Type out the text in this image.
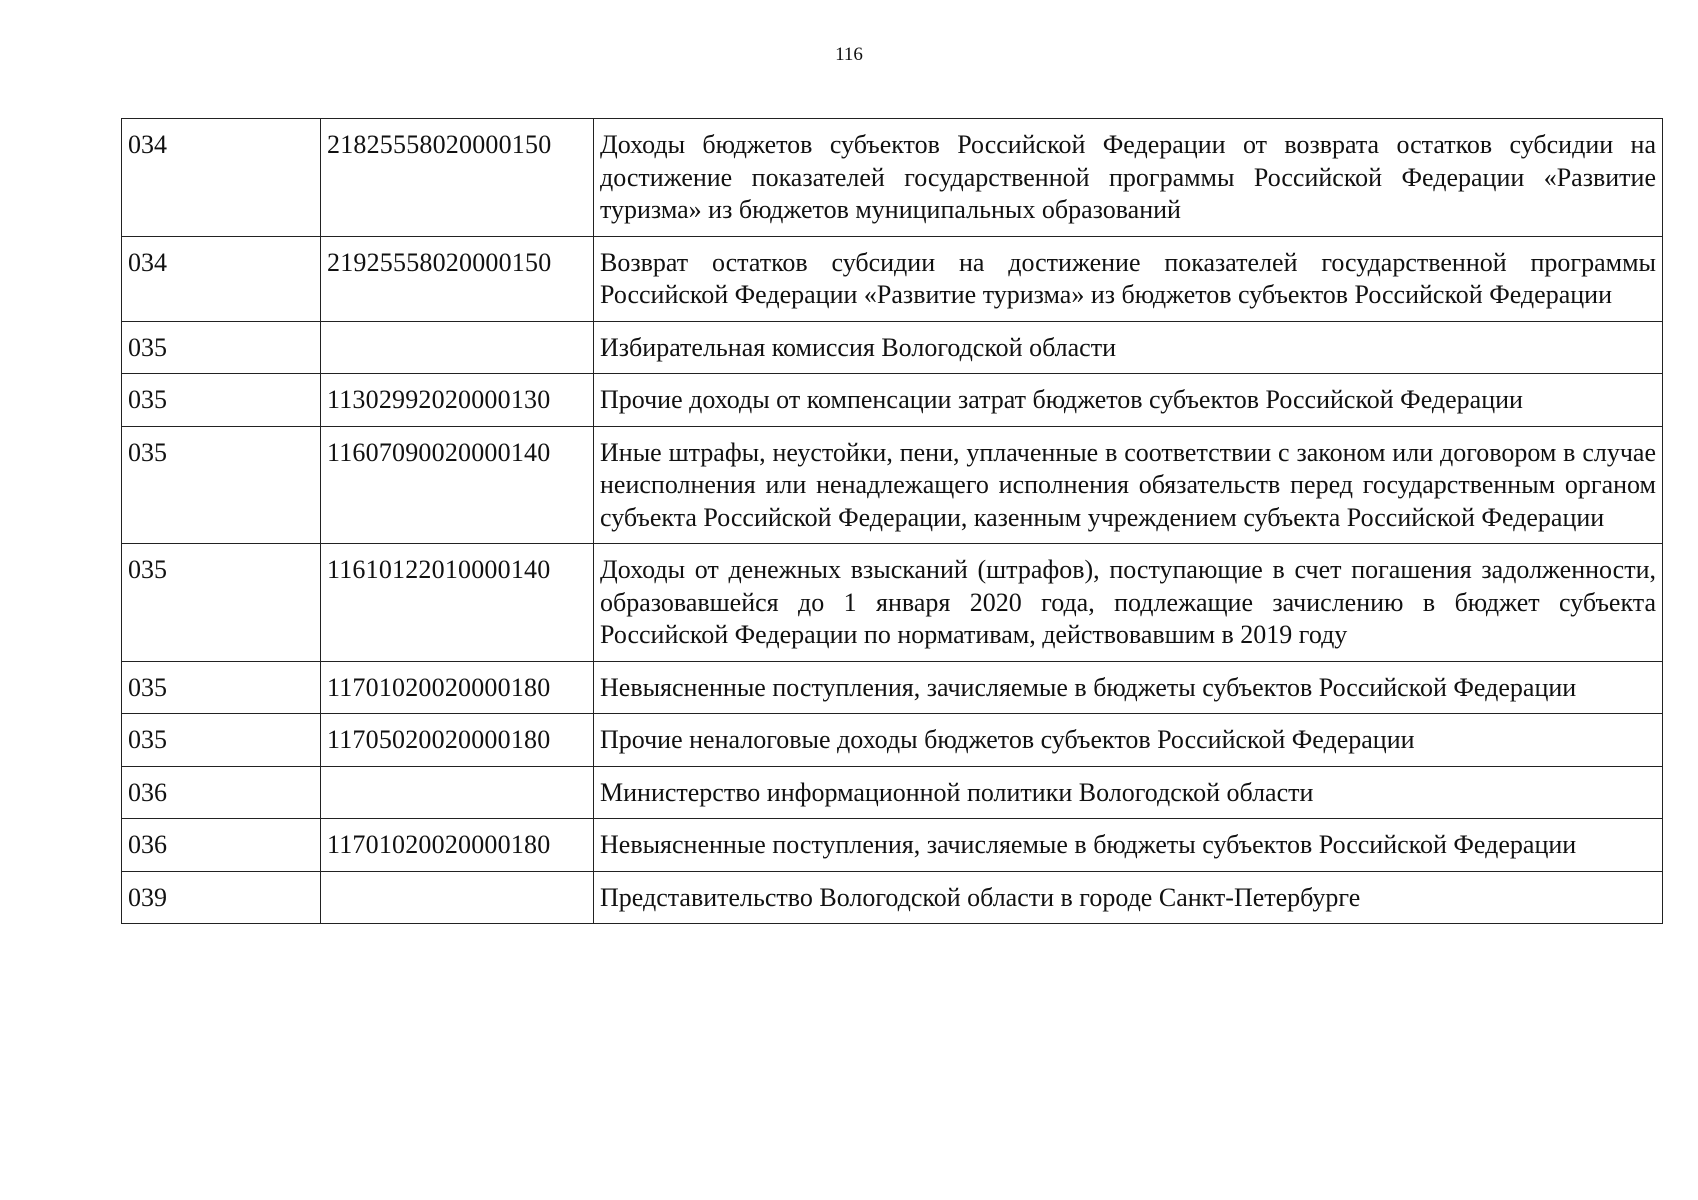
116
034	21825558020000150	Доходы бюджетов субъектов Российской Федерации от возврата остатков субсидии на достижение показателей государственной программы Российской Федерации «Развитие туризма» из бюджетов муниципальных образований
034	21925558020000150	Возврат остатков субсидии на достижение показателей государственной программы Российской Федерации «Развитие туризма» из бюджетов субъектов Российской Федерации
035		Избирательная комиссия Вологодской области
035	11302992020000130	Прочие доходы от компенсации затрат бюджетов субъектов Российской Федерации
035	11607090020000140	Иные штрафы, неустойки, пени, уплаченные в соответствии с законом или договором в случае неисполнения или ненадлежащего исполнения обязательств перед государственным органом субъекта Российской Федерации, казенным учреждением субъекта Российской Федерации
035	11610122010000140	Доходы от денежных взысканий (штрафов), поступающие в счет погашения задолженности, образовавшейся до 1 января 2020 года, подлежащие зачислению в бюджет субъекта Российской Федерации по нормативам, действовавшим в 2019 году
035	11701020020000180	Невыясненные поступления, зачисляемые в бюджеты субъектов Российской Федерации
035	11705020020000180	Прочие неналоговые доходы бюджетов субъектов Российской Федерации
036		Министерство информационной политики Вологодской области
036	11701020020000180	Невыясненные поступления, зачисляемые в бюджеты субъектов Российской Федерации
039		Представительство Вологодской области в городе Санкт-Петербурге
